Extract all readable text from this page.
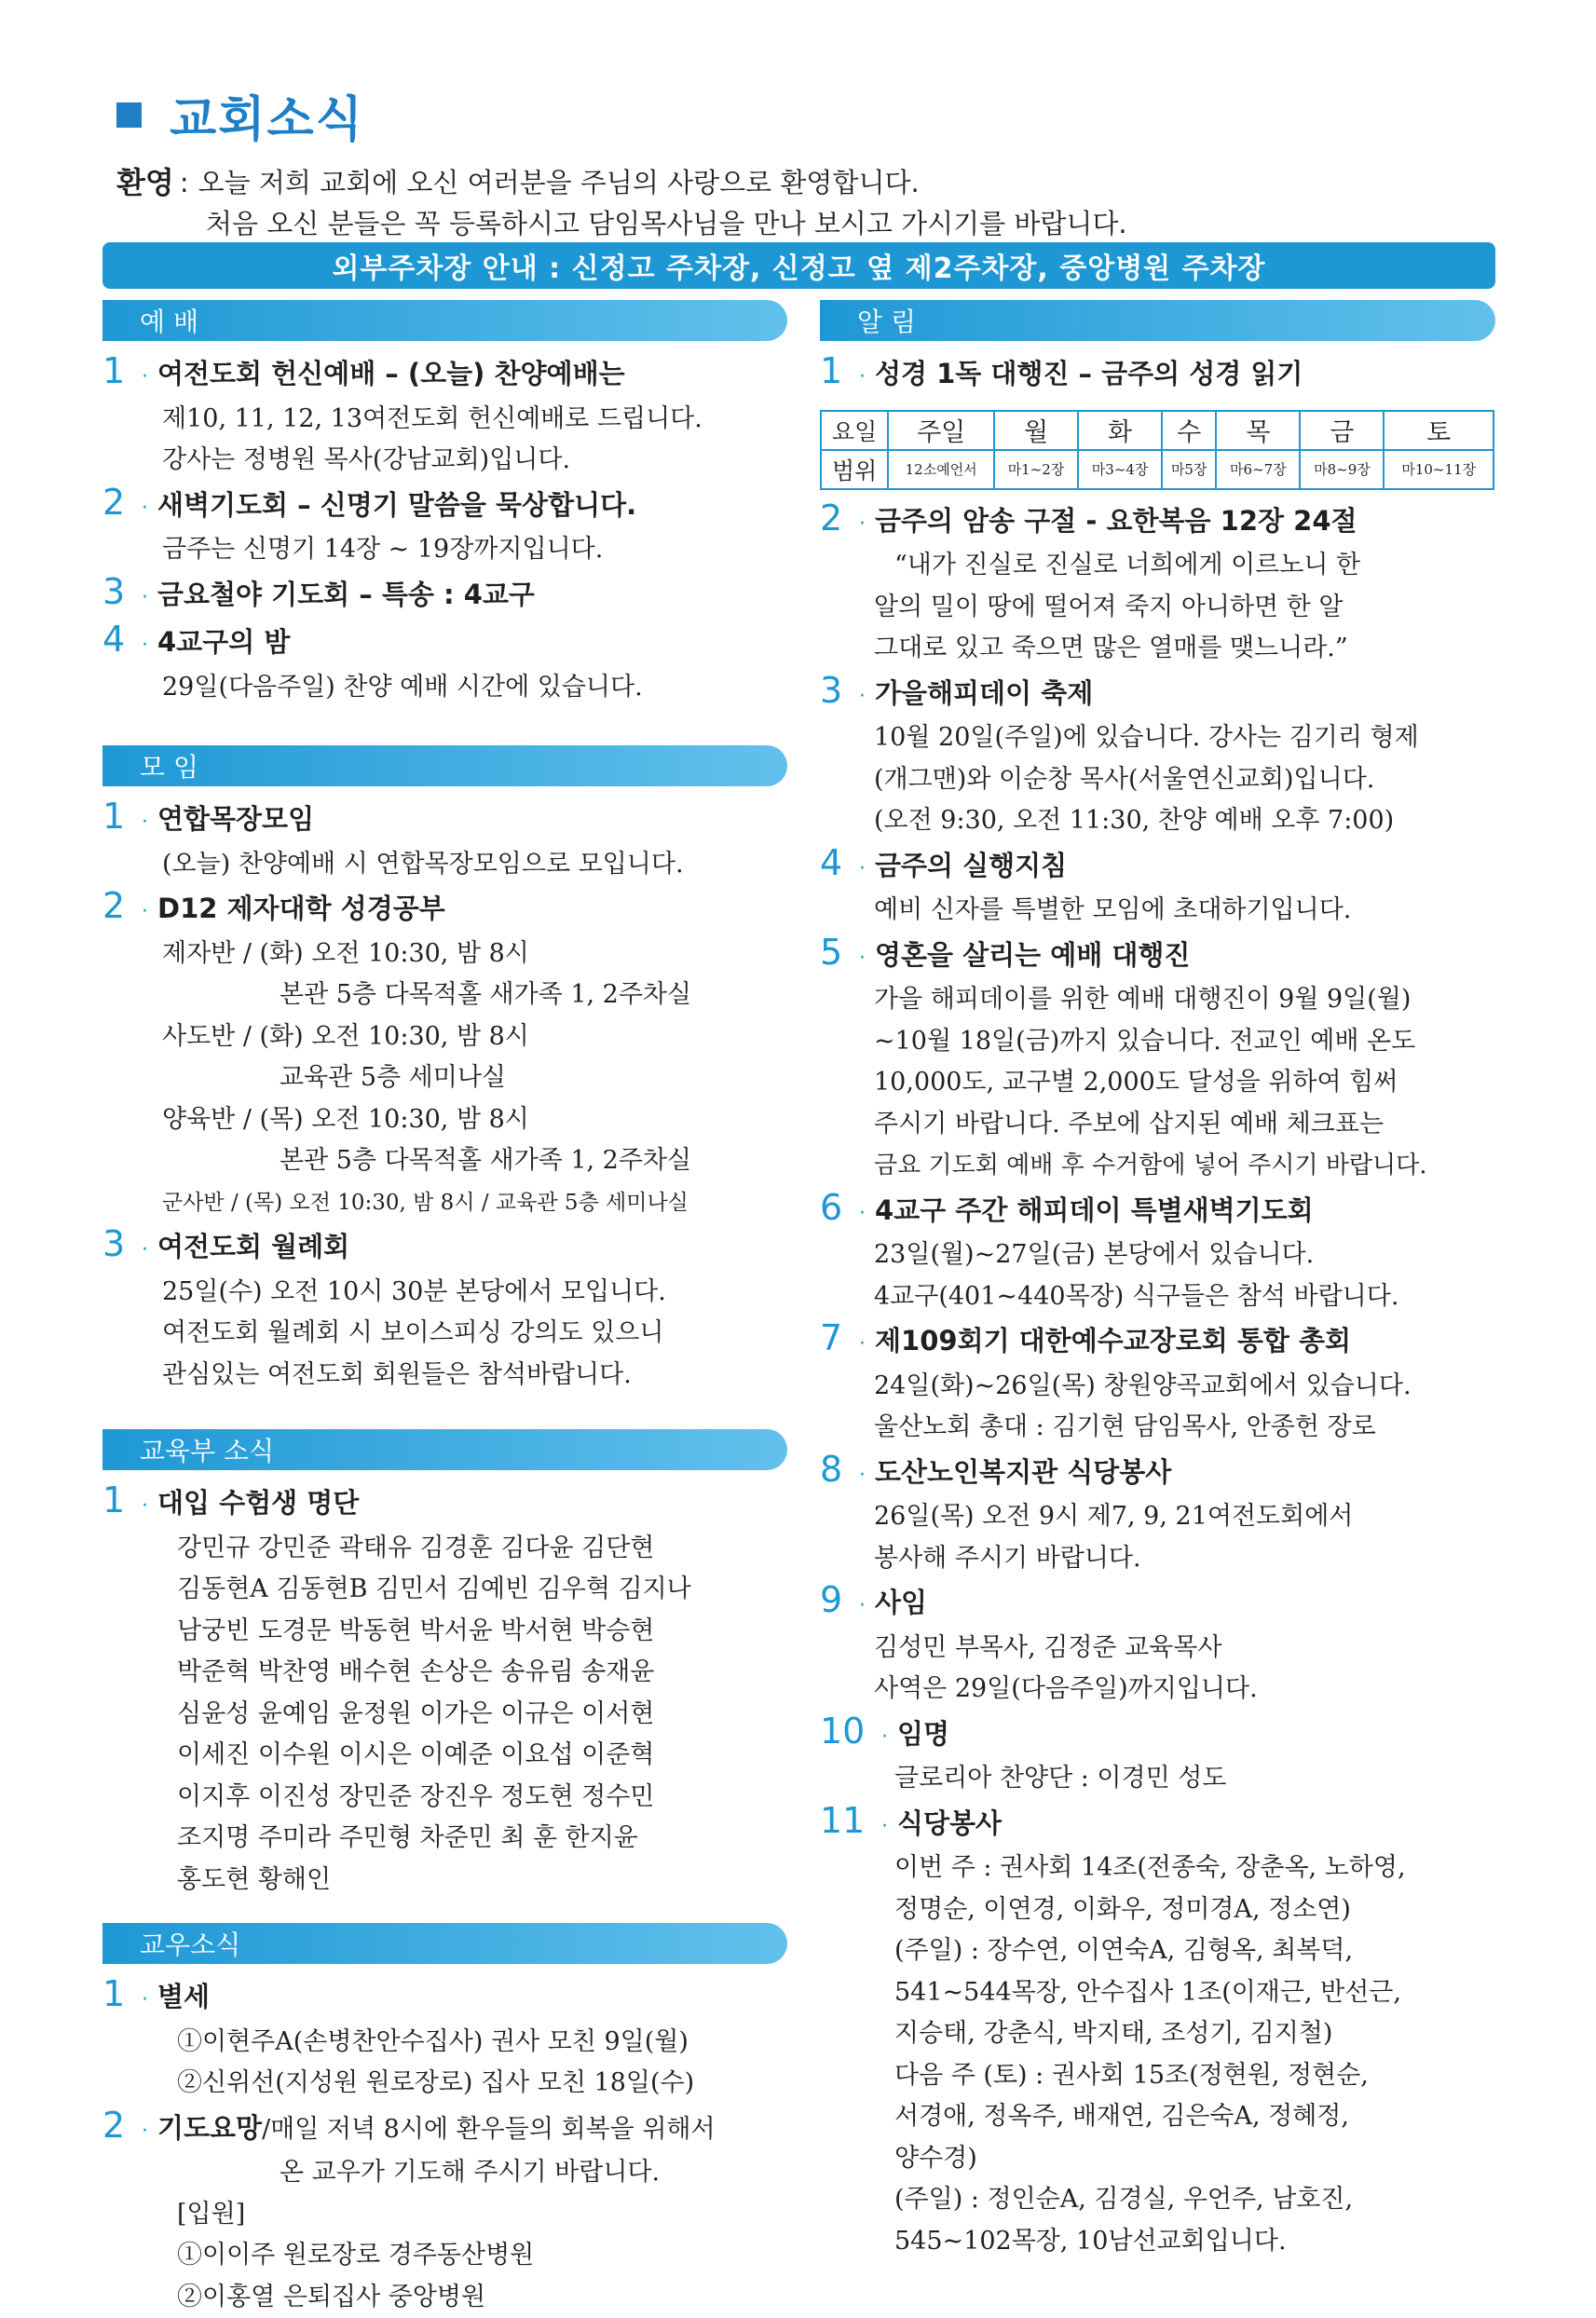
교회소식
환영 : 오늘 저희 교회에 오신 여러분을 주님의 사랑으로 환영합니다.
처음 오신 분들은 꼭 등록하시고 담임목사님을 만나 보시고 가시기를 바랍니다.
외부주차장 안내 : 신정고 주차장, 신정고 옆 제2주차장, 중앙병원 주차장
예 배
1 · 여전도회 헌신예배 – (오늘) 찬양예배는
제10, 11, 12, 13여전도회 헌신예배로 드립니다.
강사는 정병원 목사(강남교회)입니다.
2 · 새벽기도회 – 신명기 말씀을 묵상합니다.
금주는 신명기 14장 ~ 19장까지입니다.
3 · 금요철야 기도회 – 특송 : 4교구
4 · 4교구의 밤
29일(다음주일) 찬양 예배 시간에 있습니다.
모 임
1 · 연합목장모임
(오늘) 찬양예배 시 연합목장모임으로 모입니다.
2 · D12 제자대학 성경공부
제자반 / (화) 오전 10:30, 밤 8시
본관 5층 다목적홀 새가족 1, 2주차실
사도반 / (화) 오전 10:30, 밤 8시
교육관 5층 세미나실
양육반 / (목) 오전 10:30, 밤 8시
본관 5층 다목적홀 새가족 1, 2주차실
군사반 / (목) 오전 10:30, 밤 8시 / 교육관 5층 세미나실
3 · 여전도회 월례회
25일(수) 오전 10시 30분 본당에서 모입니다.
여전도회 월례회 시 보이스피싱 강의도 있으니
관심있는 여전도회 회원들은 참석바랍니다.
교육부 소식
1 · 대입 수험생 명단
강민규 강민준 곽태유 김경훈 김다윤 김단현
김동현A 김동현B 김민서 김예빈 김우혁 김지나
남궁빈 도경문 박동현 박서윤 박서현 박승현
박준혁 박찬영 배수현 손상은 송유림 송재윤
심윤성 윤예임 윤정원 이가은 이규은 이서현
이세진 이수원 이시은 이예준 이요섭 이준혁
이지후 이진성 장민준 장진우 정도현 정수민
조지명 주미라 주민형 차준민 최 훈 한지윤
홍도현 황해인
교우소식
1 · 별세
①이현주A(손병찬안수집사) 권사 모친 9일(월)
②신위선(지성원 원로장로) 집사 모친 18일(수)
2 · 기도요망 /매일 저녁 8시에 환우들의 회복을 위해서
온 교우가 기도해 주시기 바랍니다.
[입원]
①이이주 원로장로 경주동산병원
②이홍열 은퇴집사 중앙병원
알 림
1 · 성경 1독 대행진 – 금주의 성경 읽기
요일	주일	월	화	수	목	금	토
범위	12소예언서	마1~2장	마3~4장	마5장	마6~7장	마8~9장	마10~11장
2 · 금주의 암송 구절 - 요한복음 12장 24절
“내가 진실로 진실로 너희에게 이르노니 한
알의 밀이 땅에 떨어져 죽지 아니하면 한 알
그대로 있고 죽으면 많은 열매를 맺느니라.”
3 · 가을해피데이 축제
10월 20일(주일)에 있습니다. 강사는 김기리 형제
(개그맨)와 이순창 목사(서울연신교회)입니다.
(오전 9:30, 오전 11:30, 찬양 예배 오후 7:00)
4 · 금주의 실행지침
예비 신자를 특별한 모임에 초대하기입니다.
5 · 영혼을 살리는 예배 대행진
가을 해피데이를 위한 예배 대행진이 9월 9일(월)
~10월 18일(금)까지 있습니다. 전교인 예배 온도
10,000도, 교구별 2,000도 달성을 위하여 힘써
주시기 바랍니다. 주보에 삽지된 예배 체크표는
금요 기도회 예배 후 수거함에 넣어 주시기 바랍니다.
6 · 4교구 주간 해피데이 특별새벽기도회
23일(월)~27일(금) 본당에서 있습니다.
4교구(401~440목장) 식구들은 참석 바랍니다.
7 · 제109회기 대한예수교장로회 통합 총회
24일(화)~26일(목) 창원양곡교회에서 있습니다.
울산노회 총대 : 김기현 담임목사, 안종헌 장로
8 · 도산노인복지관 식당봉사
26일(목) 오전 9시 제7, 9, 21여전도회에서
봉사해 주시기 바랍니다.
9 · 사임
김성민 부목사, 김정준 교육목사
사역은 29일(다음주일)까지입니다.
10 · 임명
글로리아 찬양단 : 이경민 성도
11 · 식당봉사
이번 주 : 권사회 14조(전종숙, 장춘옥, 노하영,
정명순, 이연경, 이화우, 정미경A, 정소연)
(주일) : 장수연, 이연숙A, 김형옥, 최복덕,
541~544목장, 안수집사 1조(이재근, 반선근,
지승태, 강춘식, 박지태, 조성기, 김지철)
다음 주 (토) : 권사회 15조(정현원, 정현순,
서경애, 정옥주, 배재연, 김은숙A, 정혜정,
양수경)
(주일) : 정인순A, 김경실, 우언주, 남호진,
545~102목장, 10남선교회입니다.
